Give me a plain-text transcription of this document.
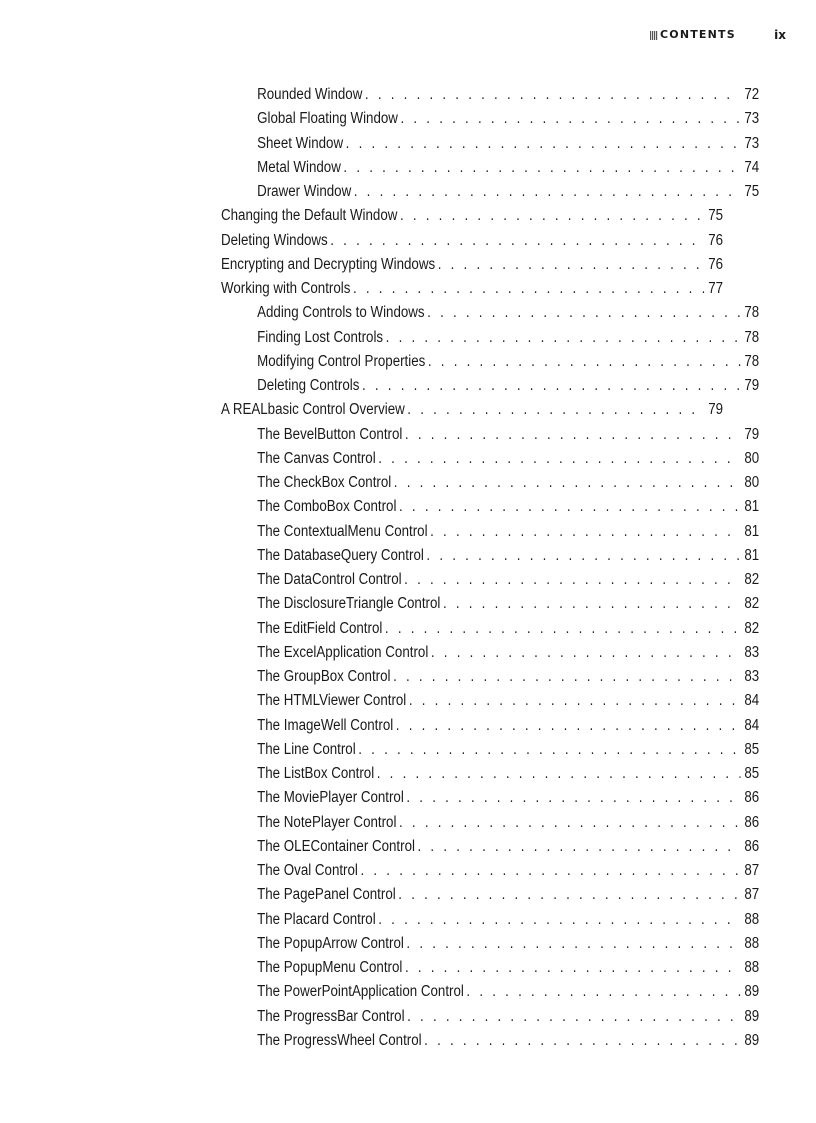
CONTENTS	ix
Rounded Window . . .	72
Global Floating Window . . .	73
Sheet Window . . .	73
Metal Window . . .	74
Drawer Window . . .	75
Changing the Default Window . . .	75
Deleting Windows . . .	76
Encrypting and Decrypting Windows . . .	76
Working with Controls . . .	77
Adding Controls to Windows . . .	78
Finding Lost Controls . . .	78
Modifying Control Properties . . .	78
Deleting Controls . . .	79
A REALbasic Control Overview . . .	79
The BevelButton Control . . .	79
The Canvas Control . . .	80
The CheckBox Control . . .	80
The ComboBox Control . . .	81
The ContextualMenu Control . . .	81
The DatabaseQuery Control . . .	81
The DataControl Control . . .	82
The DisclosureTriangle Control . . .	82
The EditField Control . . .	82
The ExcelApplication Control . . .	83
The GroupBox Control . . .	83
The HTMLViewer Control . . .	84
The ImageWell Control . . .	84
The Line Control . . .	85
The ListBox Control . . .	85
The MoviePlayer Control . . .	86
The NotePlayer Control . . .	86
The OLEContainer Control . . .	86
The Oval Control . . .	87
The PagePanel Control . . .	87
The Placard Control . . .	88
The PopupArrow Control . . .	88
The PopupMenu Control . . .	88
The PowerPointApplication Control . . .	89
The ProgressBar Control . . .	89
The ProgressWheel Control . . .	89
